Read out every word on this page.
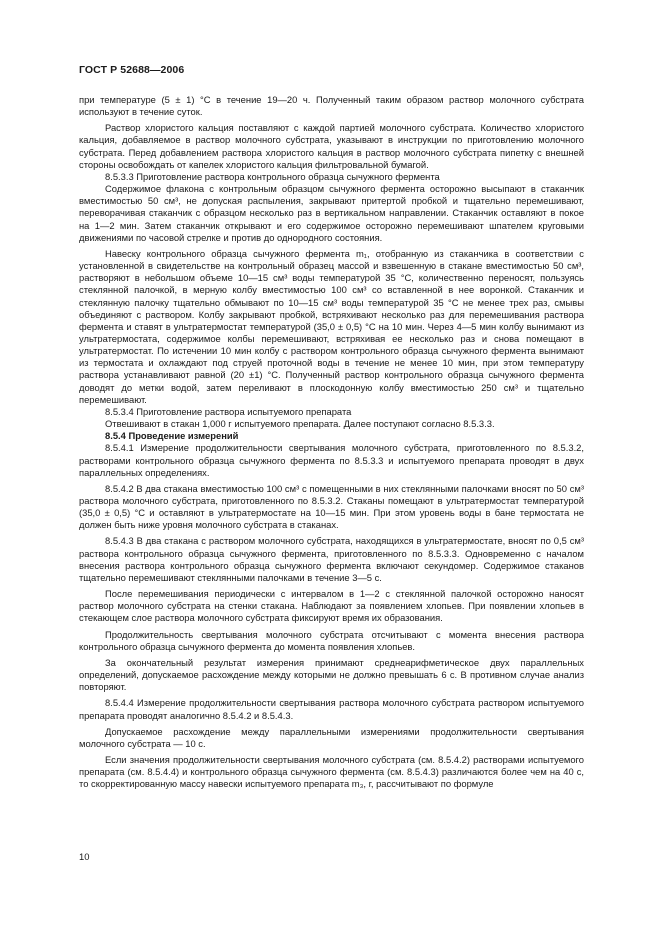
ГОСТ Р 52688—2006

при температуре (5 ± 1) °С в течение 19—20 ч. Полученный таким образом раствор молочного субстрата используют в течение суток.

Раствор хлористого кальция поставляют с каждой партией молочного субстрата. Количество хлористого кальция, добавляемое в раствор молочного субстрата, указывают в инструкции по приготовлению молочного субстрата. Перед добавлением раствора хлористого кальция в раствор молочного субстрата пипетку с внешней стороны освобождать от капелек хлористого кальция фильтровальной бумагой.

8.5.3.3 Приготовление раствора контрольного образца сычужного фермента

Содержимое флакона с контрольным образцом сычужного фермента осторожно высыпают в стаканчик вместимостью 50 см³, не допуская распыления, закрывают притертой пробкой и тщательно перемешивают, переворачивая стаканчик с образцом несколько раз в вертикальном направлении. Стаканчик оставляют в покое на 1—2 мин. Затем стаканчик открывают и его содержимое осторожно перемешивают шпателем круговыми движениями по часовой стрелке и против до однородного состояния.

Навеску контрольного образца сычужного фермента m₁, отобранную из стаканчика в соответствии с установленной в свидетельстве на контрольный образец массой и взвешенную в стакане вместимостью 50 см³, растворяют в небольшом объеме 10—15 см³ воды температурой 35 °С, количественно переносят, пользуясь стеклянной палочкой, в мерную колбу вместимостью 100 см³ со вставленной в нее воронкой. Стаканчик и стеклянную палочку тщательно обмывают по 10—15 см³ воды температурой 35 °С не менее трех раз, смывы объединяют с раствором. Колбу закрывают пробкой, встряхивают несколько раз для перемешивания раствора фермента и ставят в ультратермостат температурой (35,0 ± 0,5) °С на 10 мин. Через 4—5 мин колбу вынимают из ультратермостата, содержимое колбы перемешивают, встряхивая ее несколько раз и снова помещают в ультратермостат. По истечении 10 мин колбу с раствором контрольного образца сычужного фермента вынимают из термостата и охлаждают под струей проточной воды в течение не менее 10 мин, при этом температуру раствора устанавливают равной (20 ±1) °С. Полученный раствор контрольного образца сычужного фермента доводят до метки водой, затем переливают в плоскодонную колбу вместимостью 250 см³ и тщательно перемешивают.

8.5.3.4 Приготовление раствора испытуемого препарата

Отвешивают в стакан 1,000 г испытуемого препарата. Далее поступают согласно 8.5.3.3.

8.5.4 Проведение измерений

8.5.4.1 Измерение продолжительности свертывания молочного субстрата, приготовленного по 8.5.3.2, растворами контрольного образца сычужного фермента по 8.5.3.3 и испытуемого препарата проводят в двух параллельных определениях.

8.5.4.2 В два стакана вместимостью 100 см³ с помещенными в них стеклянными палочками вносят по 50 см³ раствора молочного субстрата, приготовленного по 8.5.3.2. Стаканы помещают в ультратермостат температурой (35,0 ± 0,5) °С и оставляют в ультратермостате на 10—15 мин. При этом уровень воды в бане термостата не должен быть ниже уровня молочного субстрата в стаканах.

8.5.4.3 В два стакана с раствором молочного субстрата, находящихся в ультратермостате, вносят по 0,5 см³ раствора контрольного образца сычужного фермента, приготовленного по 8.5.3.3. Одновременно с началом внесения раствора контрольного образца сычужного фермента включают секундомер. Содержимое стаканов тщательно перемешивают стеклянными палочками в течение 3—5 с.

После перемешивания периодически с интервалом в 1—2 с стеклянной палочкой осторожно наносят раствор молочного субстрата на стенки стакана. Наблюдают за появлением хлопьев. При появлении хлопьев в стекающем слое раствора молочного субстрата фиксируют время их образования.

Продолжительность свертывания молочного субстрата отсчитывают с момента внесения раствора контрольного образца сычужного фермента до момента появления хлопьев.

За окончательный результат измерения принимают среднеарифметическое двух параллельных определений, допускаемое расхождение между которыми не должно превышать 6 с. В противном случае анализ повторяют.

8.5.4.4 Измерение продолжительности свертывания раствора молочного субстрата раствором испытуемого препарата проводят аналогично 8.5.4.2 и 8.5.4.3.

Допускаемое расхождение между параллельными измерениями продолжительности свертывания молочного субстрата — 10 с.

Если значения продолжительности свертывания молочного субстрата (см. 8.5.4.2) растворами испытуемого препарата (см. 8.5.4.4) и контрольного образца сычужного фермента (см. 8.5.4.3) различаются более чем на 40 с, то скорректированную массу навески испытуемого препарата m₃, г, рассчитывают по формуле

10
